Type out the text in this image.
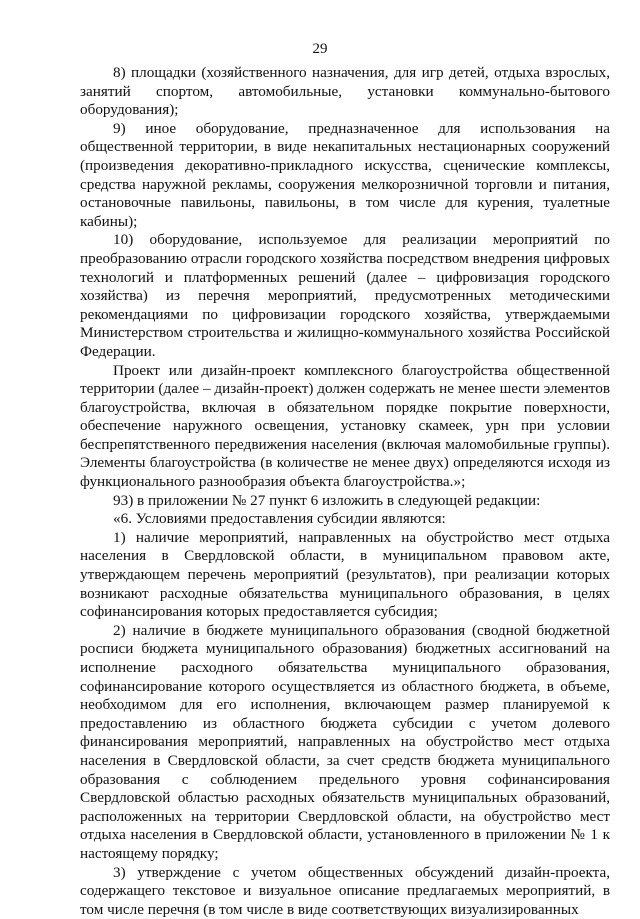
29

8) площадки (хозяйственного назначения, для игр детей, отдыха взрослых, занятий спортом, автомобильные, установки коммунально-бытового оборудования);

9) иное оборудование, предназначенное для использования на общественной территории, в виде некапитальных нестационарных сооружений (произведения декоративно-прикладного искусства, сценические комплексы, средства наружной рекламы, сооружения мелкорозничной торговли и питания, остановочные павильоны, павильоны, в том числе для курения, туалетные кабины);

10) оборудование, используемое для реализации мероприятий по преобразованию отрасли городского хозяйства посредством внедрения цифровых технологий и платформенных решений (далее – цифровизация городского хозяйства) из перечня мероприятий, предусмотренных методическими рекомендациями по цифровизации городского хозяйства, утверждаемыми Министерством строительства и жилищно-коммунального хозяйства Российской Федерации.

Проект или дизайн-проект комплексного благоустройства общественной территории (далее – дизайн-проект) должен содержать не менее шести элементов благоустройства, включая в обязательном порядке покрытие поверхности, обеспечение наружного освещения, установку скамеек, урн при условии беспрепятственного передвижения населения (включая маломобильные группы). Элементы благоустройства (в количестве не менее двух) определяются исходя из функционального разнообразия объекта благоустройства.»;

93) в приложении № 27 пункт 6 изложить в следующей редакции:

«6. Условиями предоставления субсидии являются:

1) наличие мероприятий, направленных на обустройство мест отдыха населения в Свердловской области, в муниципальном правовом акте, утверждающем перечень мероприятий (результатов), при реализации которых возникают расходные обязательства муниципального образования, в целях софинансирования которых предоставляется субсидия;

2) наличие в бюджете муниципального образования (сводной бюджетной росписи бюджета муниципального образования) бюджетных ассигнований на исполнение расходного обязательства муниципального образования, софинансирование которого осуществляется из областного бюджета, в объеме, необходимом для его исполнения, включающем размер планируемой к предоставлению из областного бюджета субсидии с учетом долевого финансирования мероприятий, направленных на обустройство мест отдыха населения в Свердловской области, за счет средств бюджета муниципального образования с соблюдением предельного уровня софинансирования Свердловской областью расходных обязательств муниципальных образований, расположенных на территории Свердловской области, на обустройство мест отдыха населения в Свердловской области, установленного в приложении № 1 к настоящему порядку;

3) утверждение с учетом общественных обсуждений дизайн-проекта, содержащего текстовое и визуальное описание предлагаемых мероприятий, в том числе перечня (в том числе в виде соответствующих визуализированных
